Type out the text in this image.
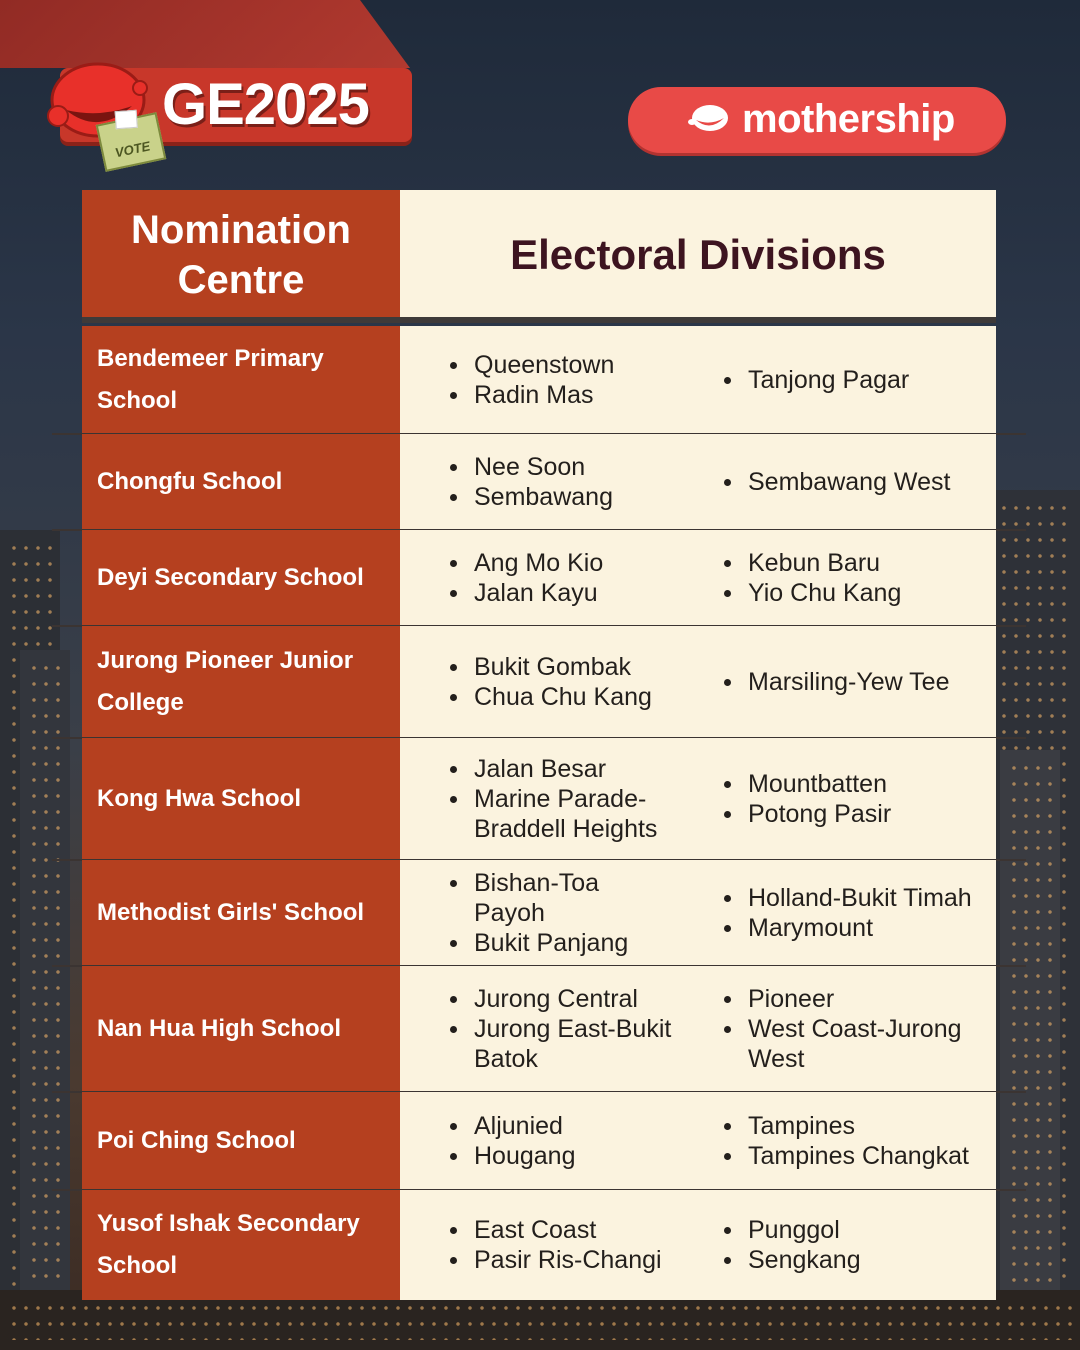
VOTE
GE2025	mothership
Nomination Centre
Electoral Divisions
Bendemeer Primary School
Queenstown
Radin Mas
Tanjong Pagar
Chongfu School
Nee Soon
Sembawang
Sembawang West
Deyi Secondary School
Ang Mo Kio
Jalan Kayu
Kebun Baru
Yio Chu Kang
Jurong Pioneer Junior College
Bukit Gombak
Chua Chu Kang
Marsiling-Yew Tee
Kong Hwa School
Jalan Besar
Marine Parade-Braddell Heights
Mountbatten
Potong Pasir
Methodist Girls' School
Bishan-Toa Payoh
Bukit Panjang
Holland-Bukit Timah
Marymount
Nan Hua High School
Jurong Central
Jurong East-Bukit Batok
Pioneer
West Coast-Jurong West
Poi Ching School
Aljunied
Hougang
Tampines
Tampines Changkat
Yusof Ishak Secondary School
East Coast
Pasir Ris-Changi
Punggol
Sengkang
